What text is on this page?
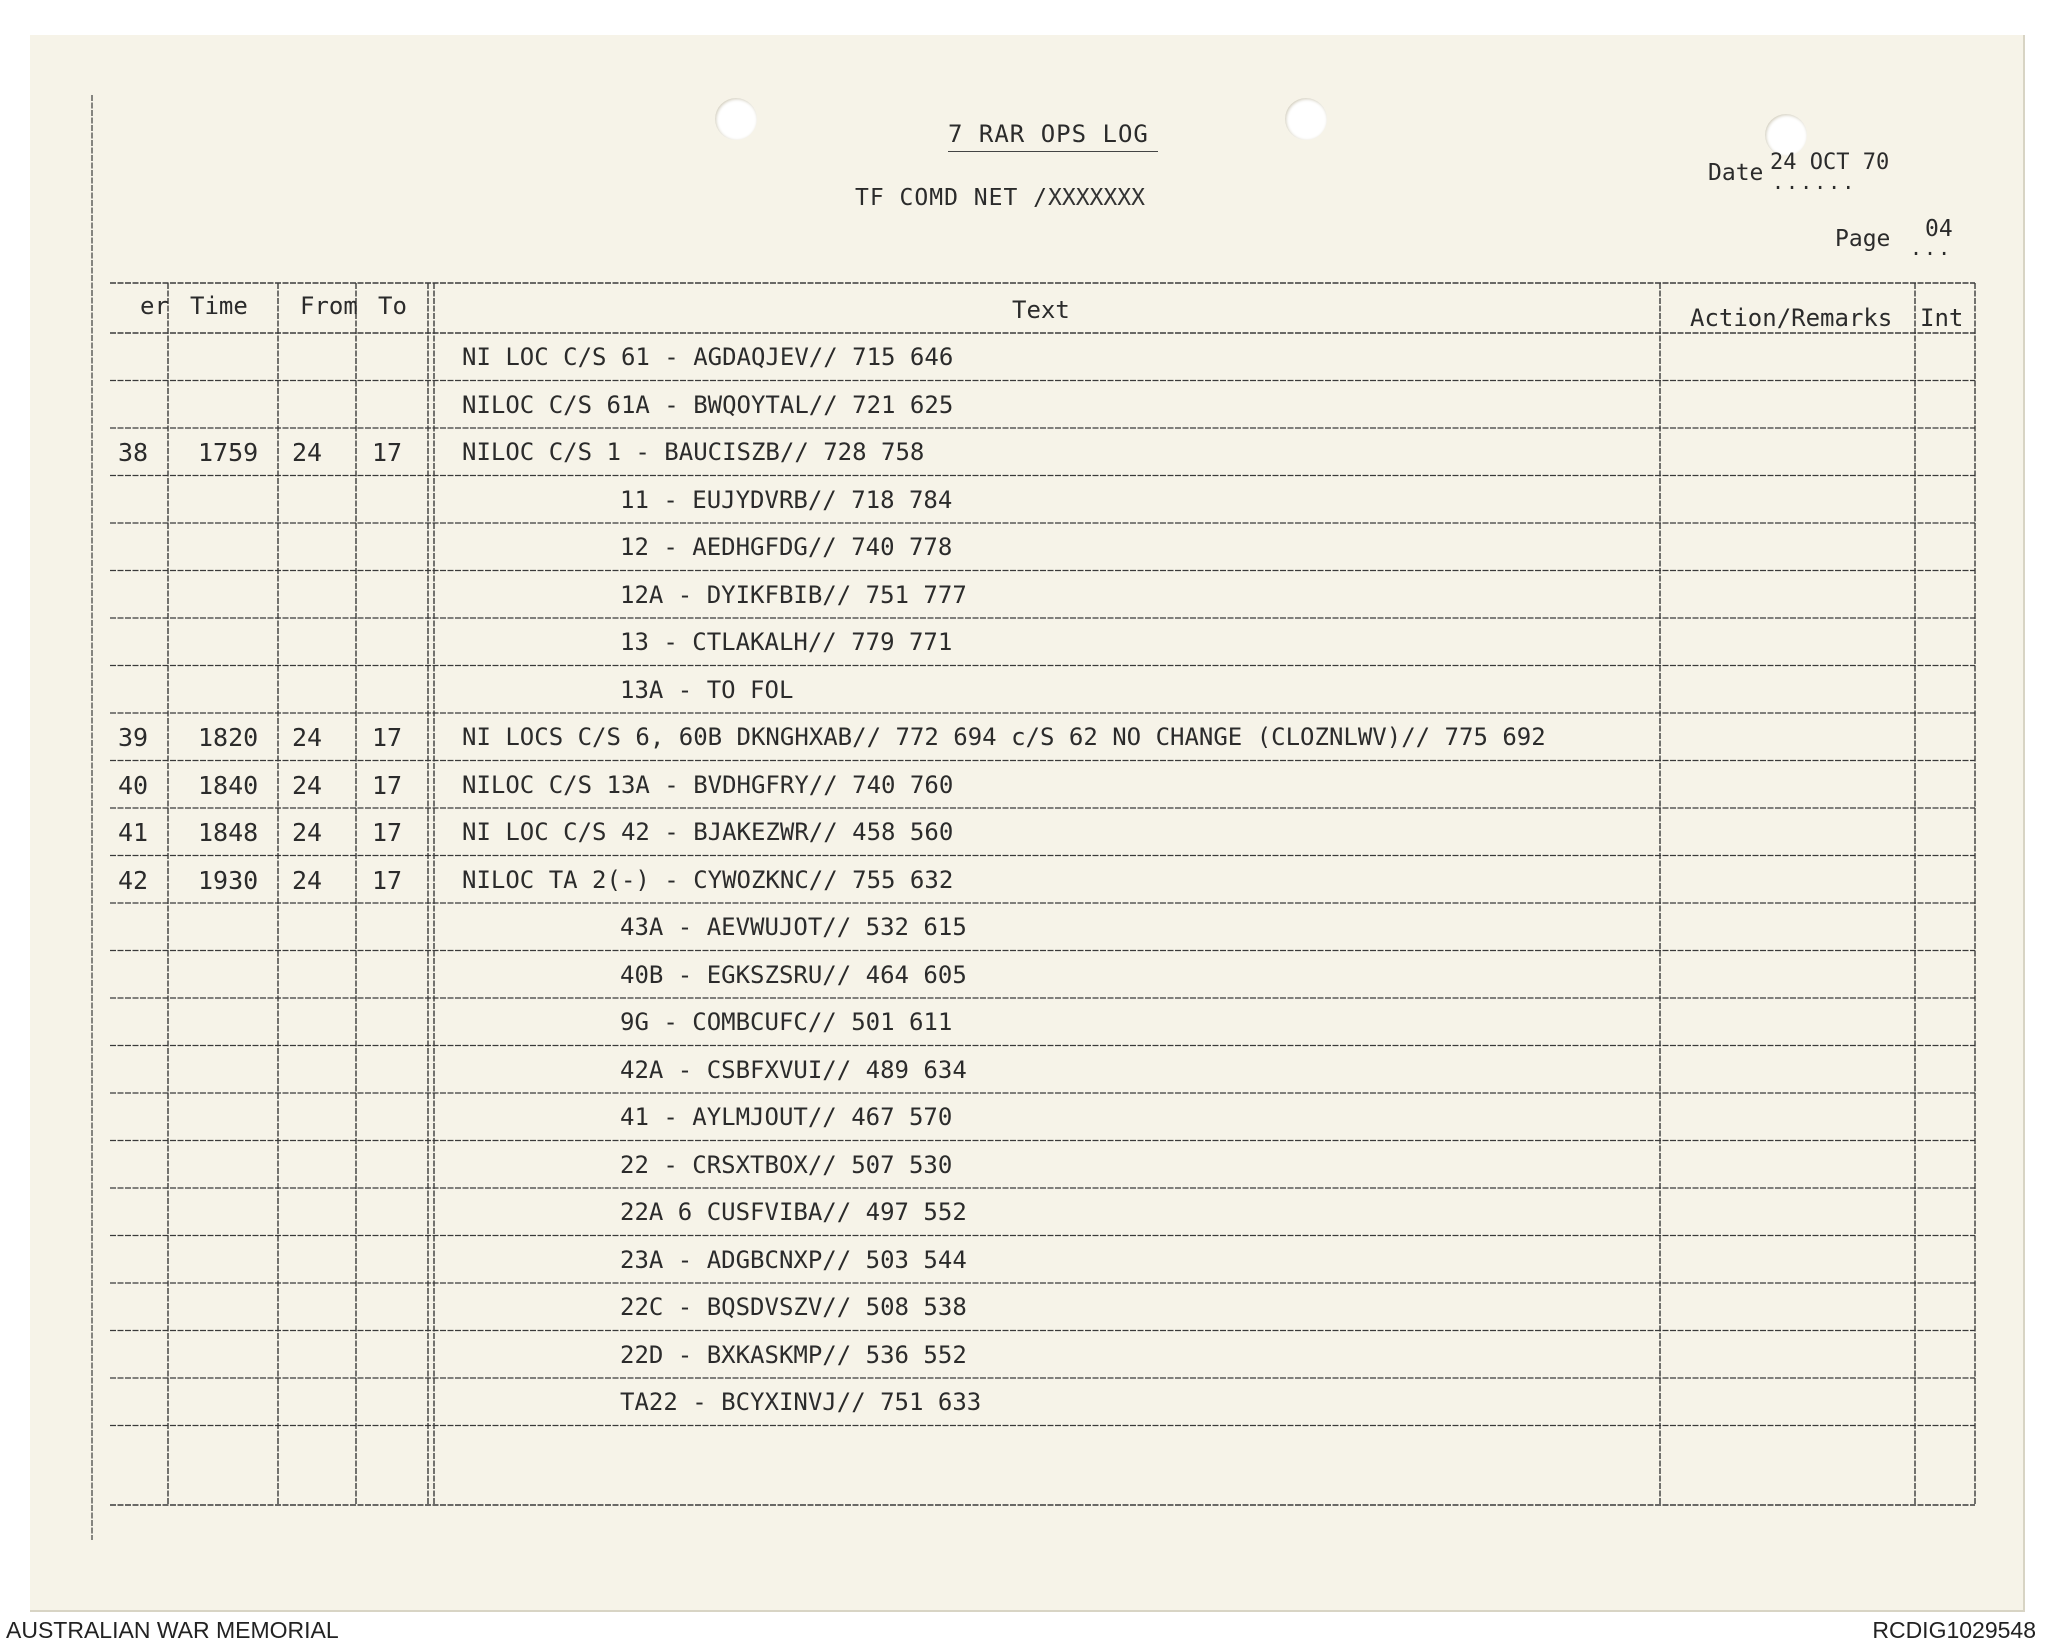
7 RAR OPS LOG
TF COMD NET /XXXXXXX
Date 24 OCT 70
......
Page 04
...
er Time From To	Text	Action/Remarks Int
NI LOC C/S 61 - AGDAQJEV// 715 646
NILOC C/S 61A - BWQOYTAL// 721 625
38 1759 24 17 NILOC C/S 1 - BAUCISZB// 728 758
11 - EUJYDVRB// 718 784
12 - AEDHGFDG// 740 778
12A - DYIKFBIB// 751 777
13 - CTLAKALH// 779 771
13A - TO FOL
39 1820 24 17 NI LOCS C/S 6, 60B DKNGHXAB// 772 694 c/S 62 NO CHANGE (CLOZNLWV)// 775 692
40 1840 24 17 NILOC C/S 13A - BVDHGFRY// 740 760
41 1848 24 17 NI LOC C/S 42 - BJAKEZWR// 458 560
42 1930 24 17 NILOC TA 2(-) - CYWOZKNC// 755 632
43A - AEVWUJOT// 532 615
40B - EGKSZSRU// 464 605
9G - COMBCUFC// 501 611
42A - CSBFXVUI// 489 634
41 - AYLMJOUT// 467 570
22 - CRSXTBOX// 507 530
22A 6 CUSFVIBA// 497 552
23A - ADGBCNXP// 503 544
22C - BQSDVSZV// 508 538
22D - BXKASKMP// 536 552
TA22 - BCYXINVJ// 751 633
AUSTRALIAN WAR MEMORIAL	RCDIG1029548
